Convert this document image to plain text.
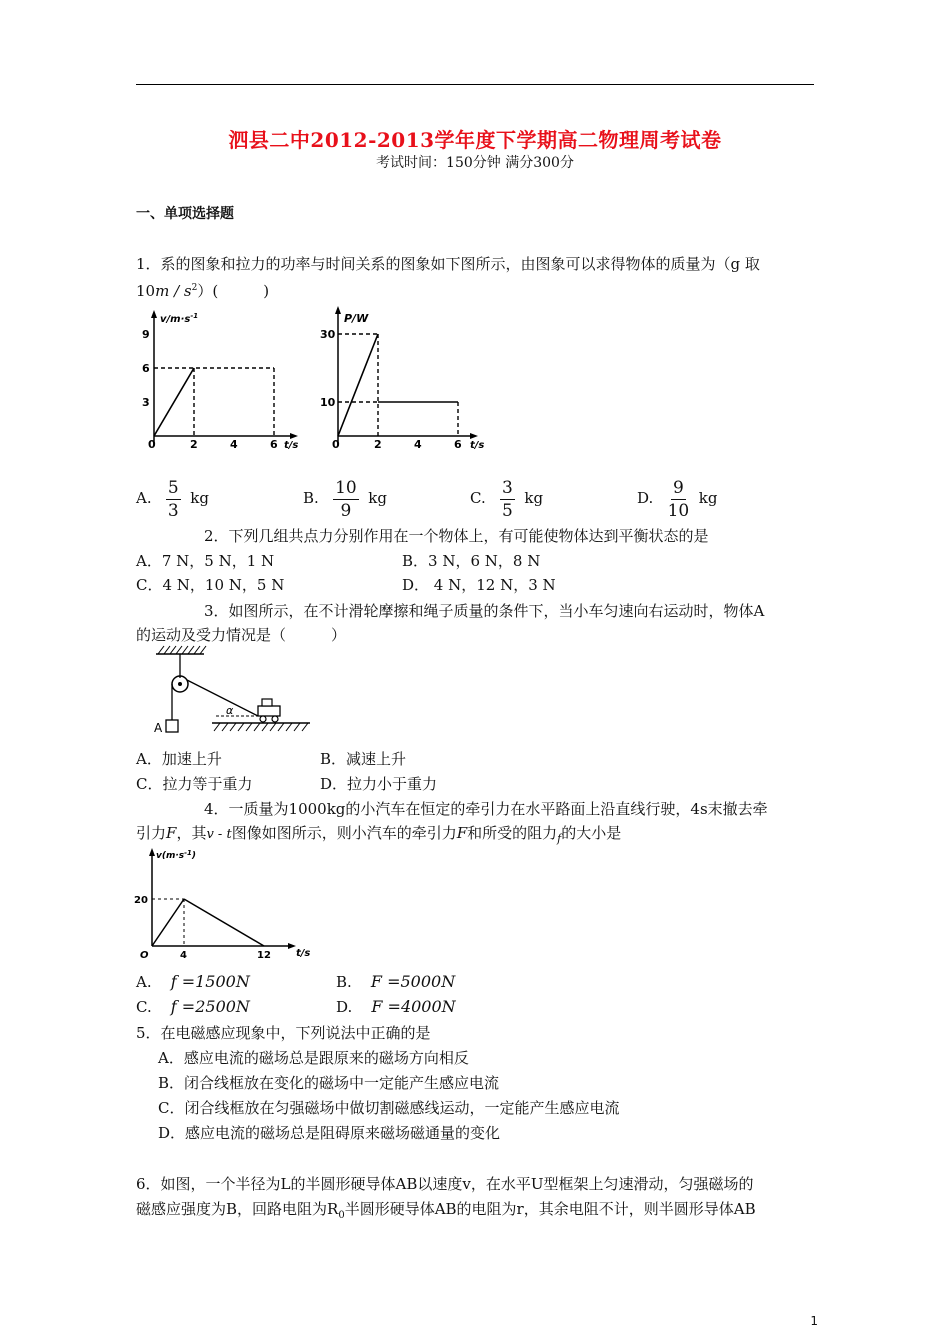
泗县二中2012-2013学年度下学期高二物理周考试卷
考试时间：150分钟 满分300分
一、单项选择题
1．系的图象和拉力的功率与时间关系的图象如下图所示，由图象可以求得物体的质量为（g 取
$10m / s^2$）(　　　)
$v/m\cdot s^{-1}$
9
6
3
0	2	4	6 t/s
P/W
30
10
0	2	4	6 t/s
A. $\frac{5}{3}$ kg	B. $\frac{10}{9}$ kg	C. $\frac{3}{5}$ kg	D. $\frac{9}{10}$ kg
2．下列几组共点力分别作用在一个物体上，有可能使物体达到平衡状态的是
A．7 N，5 N，1 N	B．3 N，6 N，8 N
C．4 N，10 N，5 N	D． 4 N，12 N，3 N
3．如图所示，在不计滑轮摩擦和绳子质量的条件下，当小车匀速向右运动时，物体A
的运动及受力情况是（　　　）
A
α
A．加速上升	B．减速上升
C．拉力等于重力	D．拉力小于重力
4．一质量为1000kg的小汽车在恒定的牵引力在水平路面上沿直线行驶，4s末撤去牵
引力F，其v - t图像如图所示，则小汽车的牵引力F和所受的阻力$_f$的大小是
$v(m\cdot s^{-1})$
20
O	4	12	t/s
A. f =1500N	B. F =5000N
C. f =2500N	D. F =4000N
5．在电磁感应现象中，下列说法中正确的是
A．感应电流的磁场总是跟原来的磁场方向相反
B．闭合线框放在变化的磁场中一定能产生感应电流
C．闭合线框放在匀强磁场中做切割磁感线运动，一定能产生感应电流
D．感应电流的磁场总是阻碍原来磁场磁通量的变化
6．如图，一个半径为L的半圆形硬导体AB以速度v，在水平U型框架上匀速滑动，匀强磁场的
磁感应强度为B，回路电阻为$R_0$半圆形硬导体AB的电阻为r，其余电阻不计，则半圆形导体AB
1
